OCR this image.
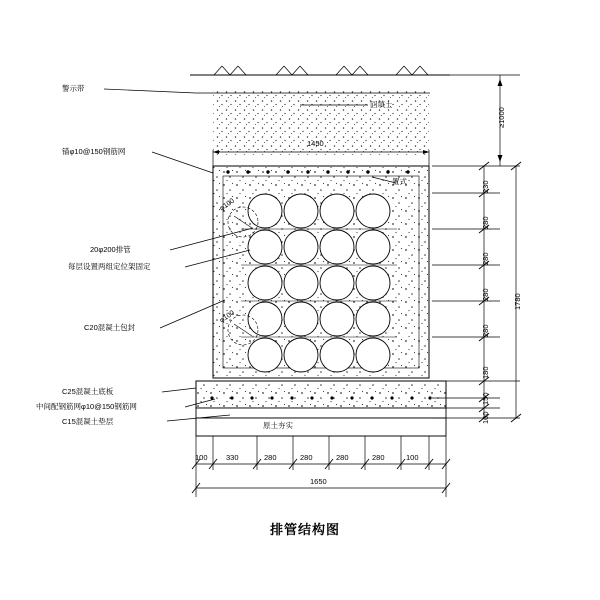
警示带
锚φ10@150钢筋网
20φ200排管
每层设置两组定位架固定
C20混凝土包封
C25混凝土底板
中间配钢筋网φ10@150钢筋网
C15混凝土垫层
回填土
置式
φ100
φ100
原土夯实
1450
100 330	280	280	280	280	100
1650
≥1000
230
280
280
280
280
180
150
100
1780
排管结构图
